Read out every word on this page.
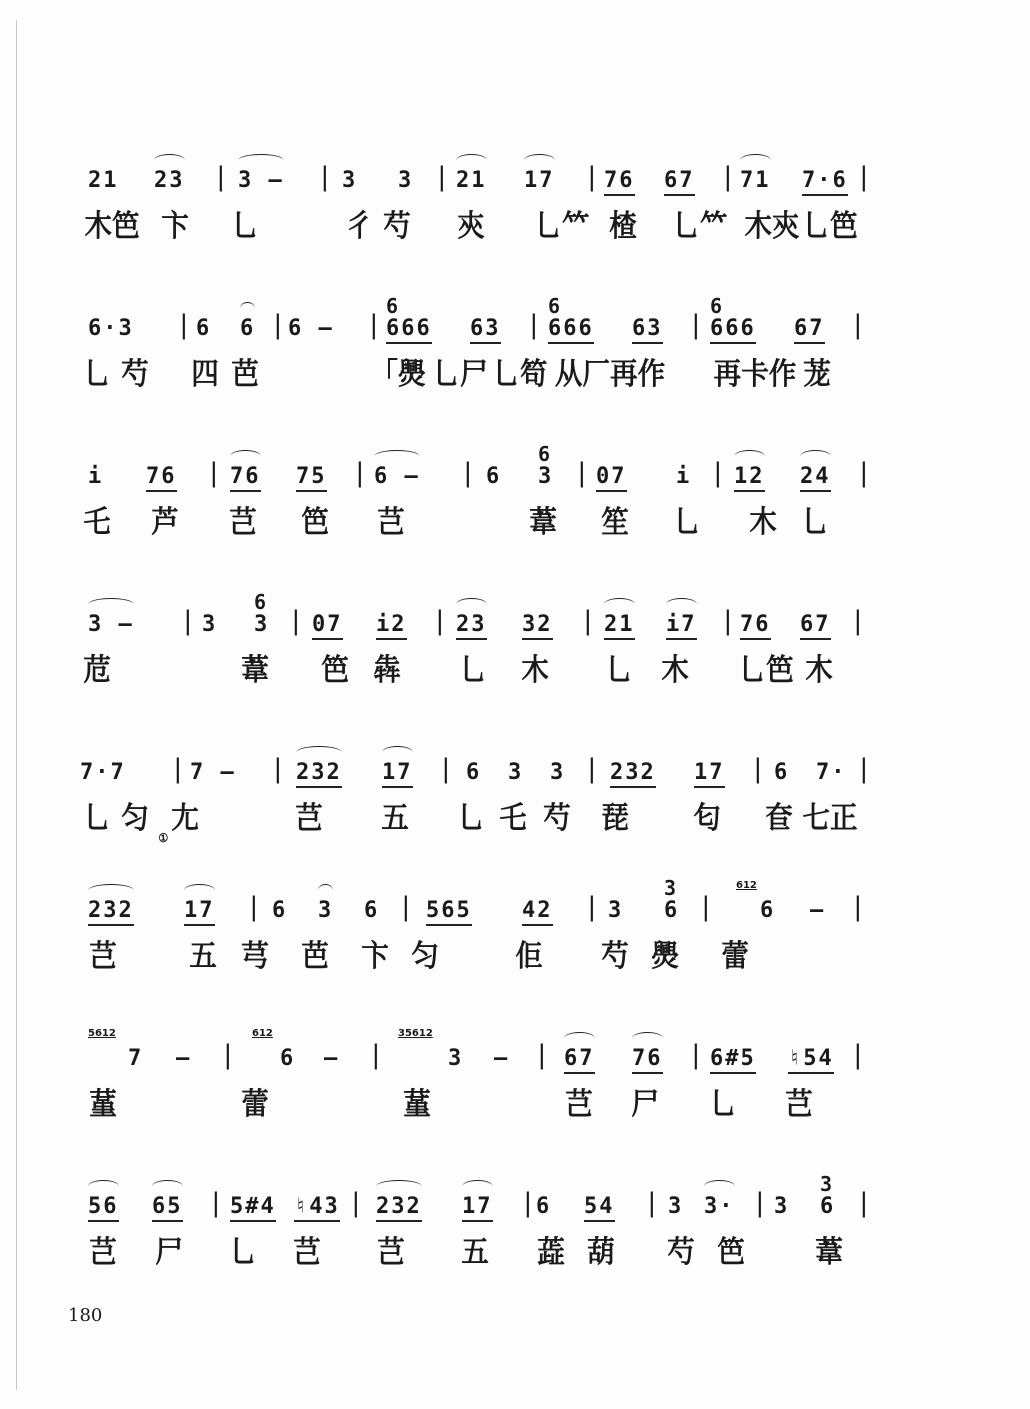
21 23 | 3 — | 3 3 | 21 17 | 76 67 | 71 7·6 |
木笆 卞 乚	彳 芍 㚒 乚𥫗 楂 乚𥫗 木㚒 乚笆
6·3 | 6 6 | 6 — | 666
6
63 | 666
6
63 | 666
6
67 |
乚 芍 四 芭	「爂 乚尸 乚笱 从厂再作 再卡作 茏
i 76 | 76 75 | 6 — | 6 3
6
| 07 i | 12 24 |
乇 芦 芑 笆 芑	葦 笙 乚 木 乚
3 — | 3 3
6
| 07 i2 | 23 32 | 21 i7 | 76 67 |
苊	葦 笆 犇 乚 木 乚 木 乚笆 木
7·7 | 7 — | 232 17 | 6 3 3 | 232 17 | 6 7· |
乚 匀 尢	芑 五 乚 乇 芍 琵 匂 奆 七正
①
232 17 | 6 3 6 | 565 42 | 3 6
3
| 6 — |
612
芑 五 芎 芭 卞 匀	佢 芍 爂 蕾
7 — | 6 — |	3 — | 67 76 | 6#5 ♮54 |
5612	612	35612
蓳	蕾	蓳	芑 尸 乚 芑
56 65 | 5#4 ♮43 | 232 17 | 6 54 | 3 3· | 3 6
3
|
芑 尸 乚 芑 芑 五 蕋 葫 芍 笆 葦
180
